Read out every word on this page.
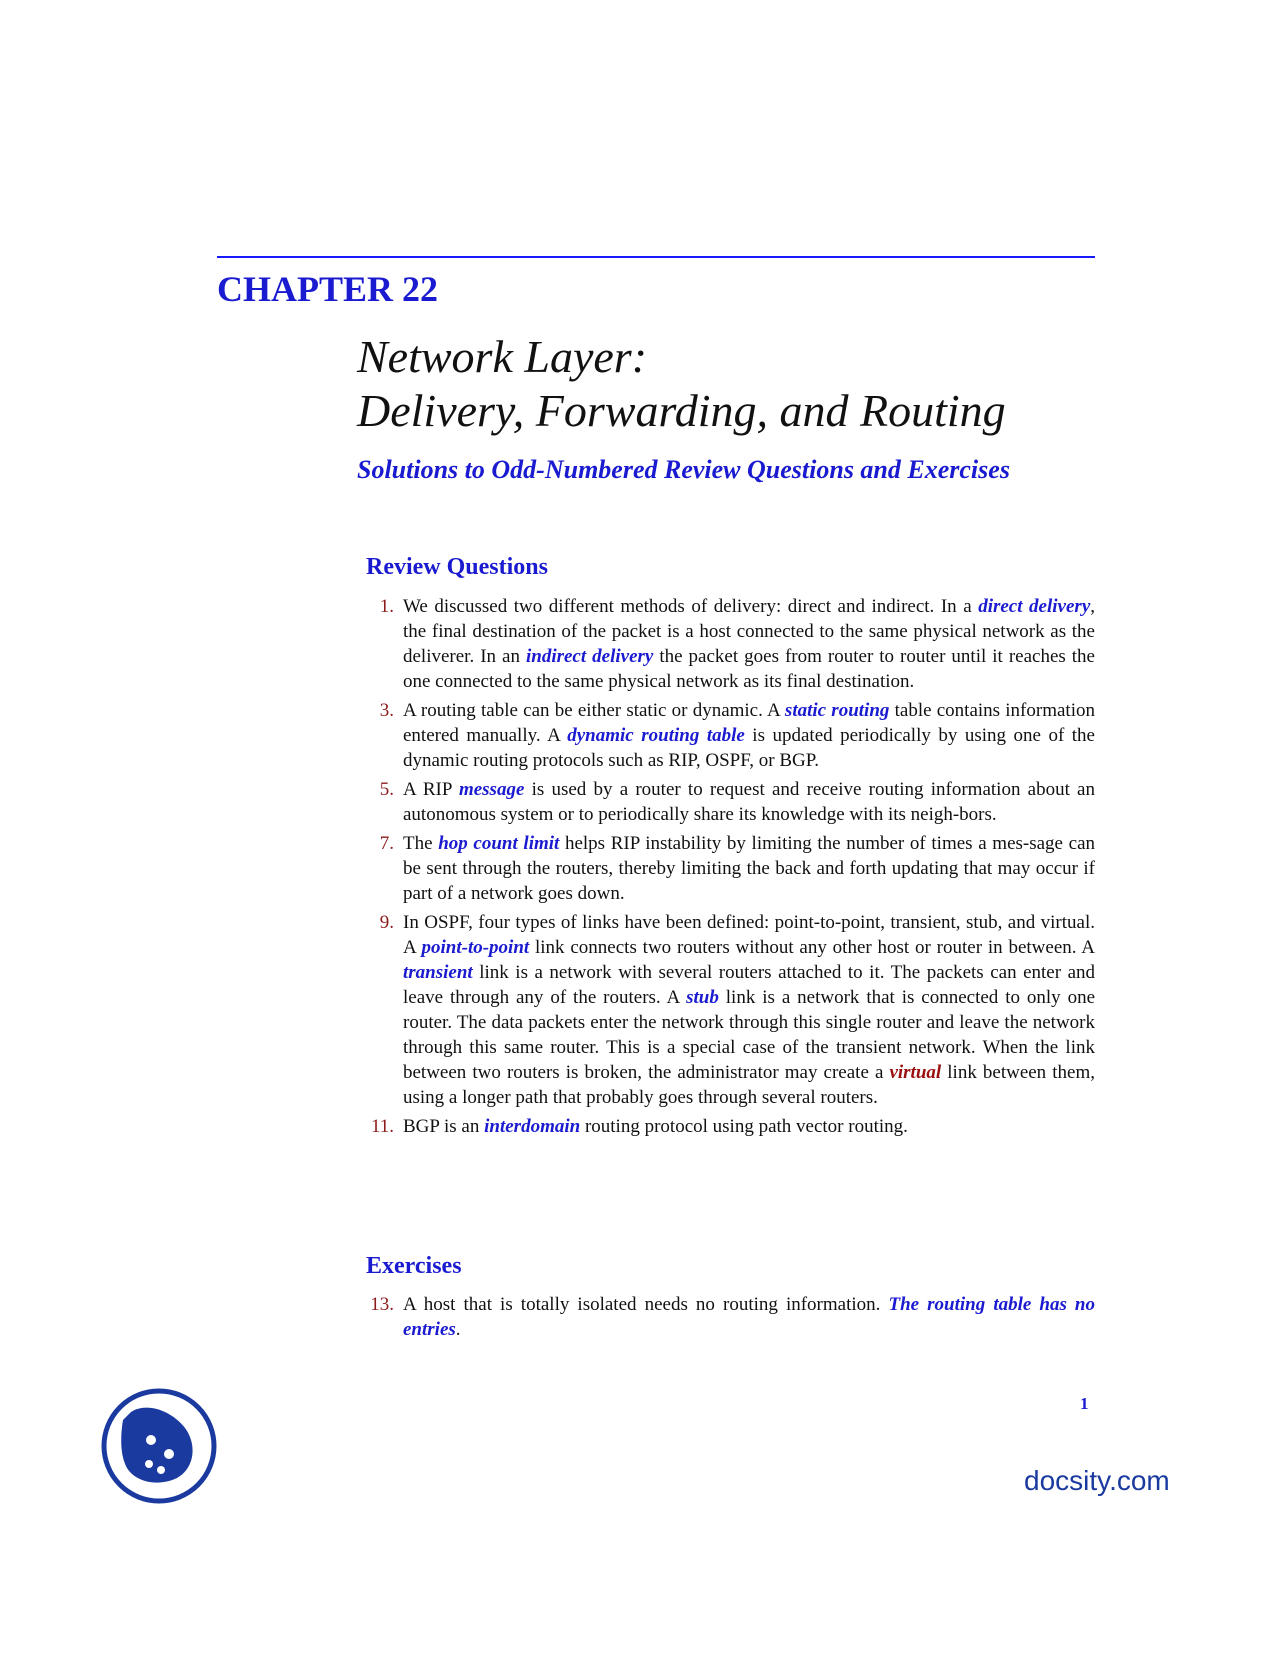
CHAPTER 22
Network Layer:
Delivery, Forwarding, and Routing
Solutions to Odd-Numbered Review Questions and Exercises
Review Questions
1. We discussed two different methods of delivery: direct and indirect. In a direct delivery, the final destination of the packet is a host connected to the same physical network as the deliverer. In an indirect delivery the packet goes from router to router until it reaches the one connected to the same physical network as its final destination.
3. A routing table can be either static or dynamic. A static routing table contains information entered manually. A dynamic routing table is updated periodically by using one of the dynamic routing protocols such as RIP, OSPF, or BGP.
5. A RIP message is used by a router to request and receive routing information about an autonomous system or to periodically share its knowledge with its neigh-bors.
7. The hop count limit helps RIP instability by limiting the number of times a mes-sage can be sent through the routers, thereby limiting the back and forth updating that may occur if part of a network goes down.
9. In OSPF, four types of links have been defined: point-to-point, transient, stub, and virtual. A point-to-point link connects two routers without any other host or router in between. A transient link is a network with several routers attached to it. The packets can enter and leave through any of the routers. A stub link is a network that is connected to only one router. The data packets enter the network through this single router and leave the network through this same router. This is a special case of the transient network. When the link between two routers is broken, the administrator may create a virtual link between them, using a longer path that probably goes through several routers.
11. BGP is an interdomain routing protocol using path vector routing.
Exercises
13. A host that is totally isolated needs no routing information. The routing table has no entries.
1
docsity.com
